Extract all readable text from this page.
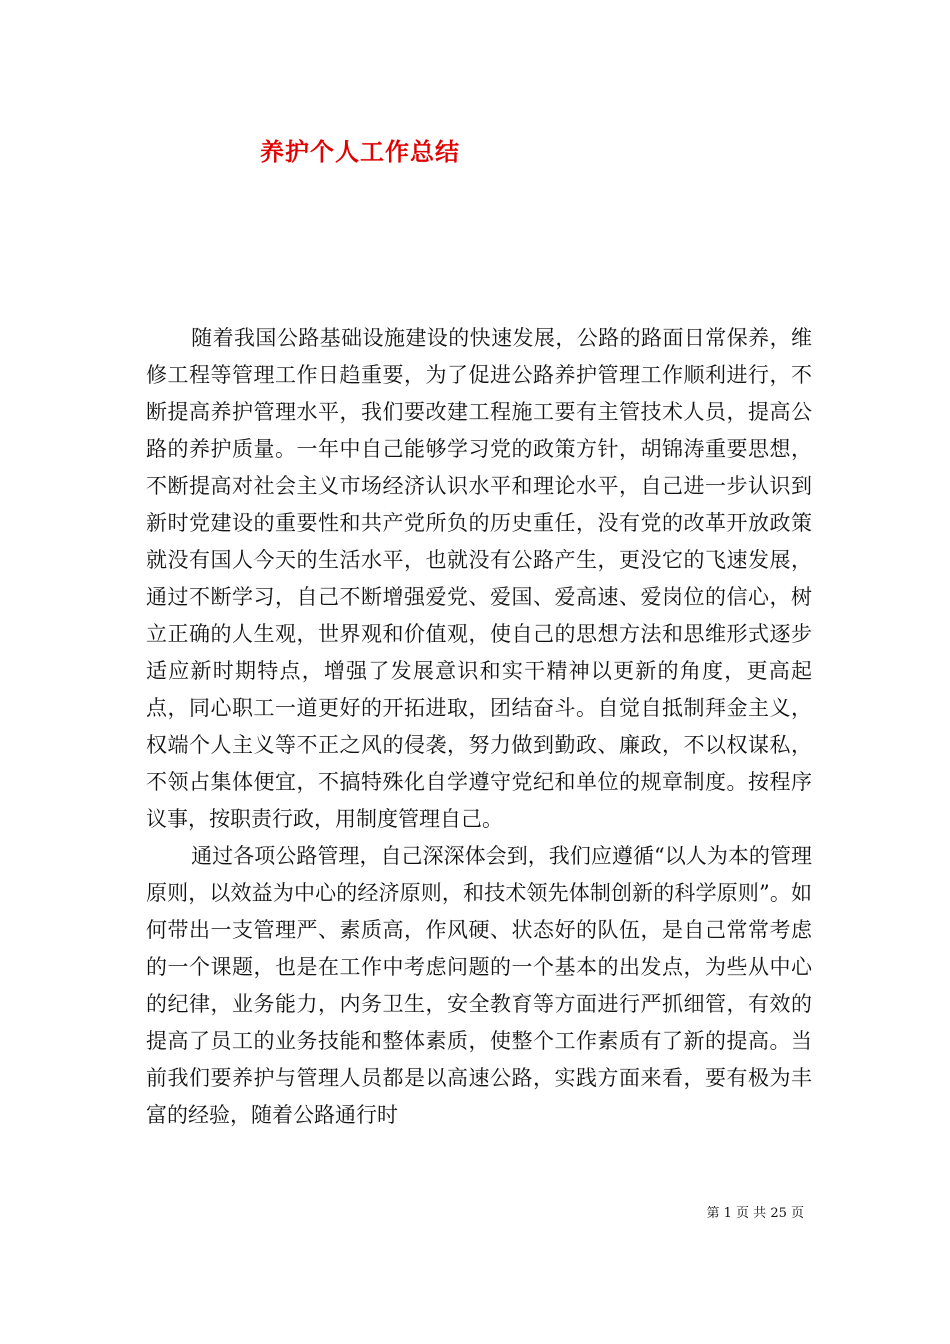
养护个人工作总结

随着我国公路基础设施建设的快速发展，公路的路面日常保养，维修工程等管理工作日趋重要，为了促进公路养护管理工作顺利进行，不断提高养护管理水平，我们要改建工程施工要有主管技术人员，提高公路的养护质量。一年中自己能够学习党的政策方针，胡锦涛重要思想，不断提高对社会主义市场经济认识水平和理论水平，自己进一步认识到新时党建设的重要性和共产党所负的历史重任，没有党的改革开放政策就没有国人今天的生活水平，也就没有公路产生，更没它的飞速发展，通过不断学习，自己不断增强爱党、爱国、爱高速、爱岗位的信心，树立正确的人生观，世界观和价值观，使自己的思想方法和思维形式逐步适应新时期特点，增强了发展意识和实干精神以更新的角度，更高起点，同心职工一道更好的开拓进取，团结奋斗。自觉自抵制拜金主义，权端个人主义等不正之风的侵袭，努力做到勤政、廉政，不以权谋私，不领占集体便宜，不搞特殊化自学遵守党纪和单位的规章制度。按程序议事，按职责行政，用制度管理自己。

通过各项公路管理，自己深深体会到，我们应遵循“以人为本的管理原则，以效益为中心的经济原则，和技术领先体制创新的科学原则”。如何带出一支管理严、素质高，作风硬、状态好的队伍，是自己常常考虑的一个课题，也是在工作中考虑问题的一个基本的出发点，为些从中心的纪律，业务能力，内务卫生，安全教育等方面进行严抓细管，有效的提高了员工的业务技能和整体素质，使整个工作素质有了新的提高。当前我们要养护与管理人员都是以高速公路，实践方面来看，要有极为丰富的经验，随着公路通行时

第 1 页 共 25 页
